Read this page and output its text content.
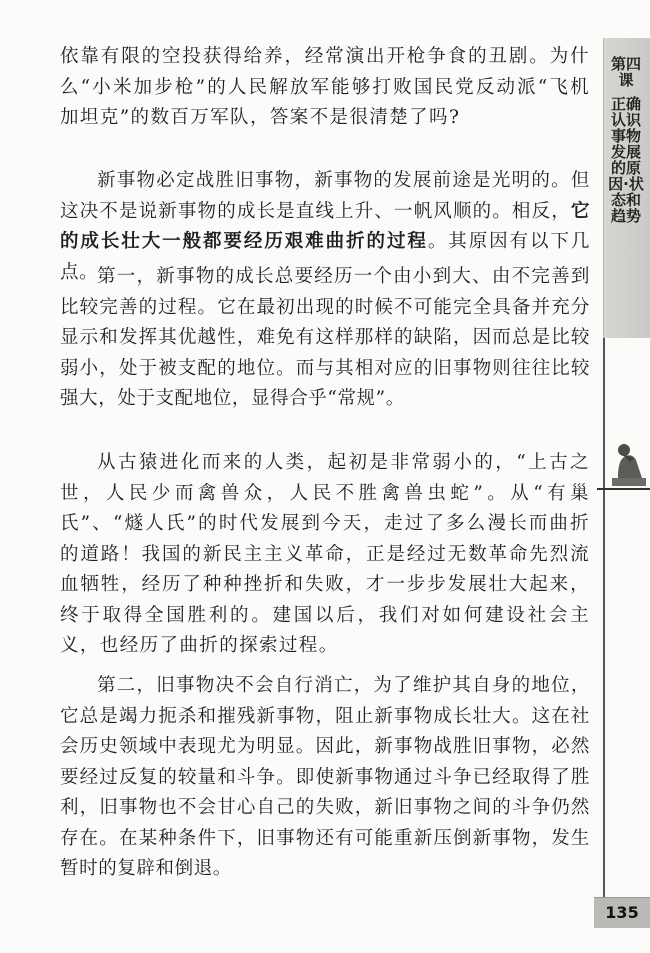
第四课
正确认识事物发展的原因·状态和趋势
135

依靠有限的空投获得给养，经常演出开枪争食的丑剧。为什么“小米加步枪”的人民解放军能够打败国民党反动派“飞机加坦克”的数百万军队，答案不是很清楚了吗?

新事物必定战胜旧事物，新事物的发展前途是光明的。但这决不是说新事物的成长是直线上升、一帆风顺的。相反，它的成长壮大一般都要经历艰难曲折的过程。其原因有以下几点。

第一，新事物的成长总要经历一个由小到大、由不完善到比较完善的过程。它在最初出现的时候不可能完全具备并充分显示和发挥其优越性，难免有这样那样的缺陷，因而总是比较弱小，处于被支配的地位。而与其相对应的旧事物则往往比较强大，处于支配地位，显得合乎“常规”。

从古猿进化而来的人类，起初是非常弱小的，“上古之世，人民少而禽兽众，人民不胜禽兽虫蛇”。从“有巢氏”、“燧人氏”的时代发展到今天，走过了多么漫长而曲折的道路！我国的新民主主义革命，正是经过无数革命先烈流血牺牲，经历了种种挫折和失败，才一步步发展壮大起来，终于取得全国胜利的。建国以后，我们对如何建设社会主义，也经历了曲折的探索过程。

第二，旧事物决不会自行消亡，为了维护其自身的地位，它总是竭力扼杀和摧残新事物，阻止新事物成长壮大。这在社会历史领域中表现尤为明显。因此，新事物战胜旧事物，必然要经过反复的较量和斗争。即使新事物通过斗争已经取得了胜利，旧事物也不会甘心自己的失败，新旧事物之间的斗争仍然存在。在某种条件下，旧事物还有可能重新压倒新事物，发生暂时的复辟和倒退。
